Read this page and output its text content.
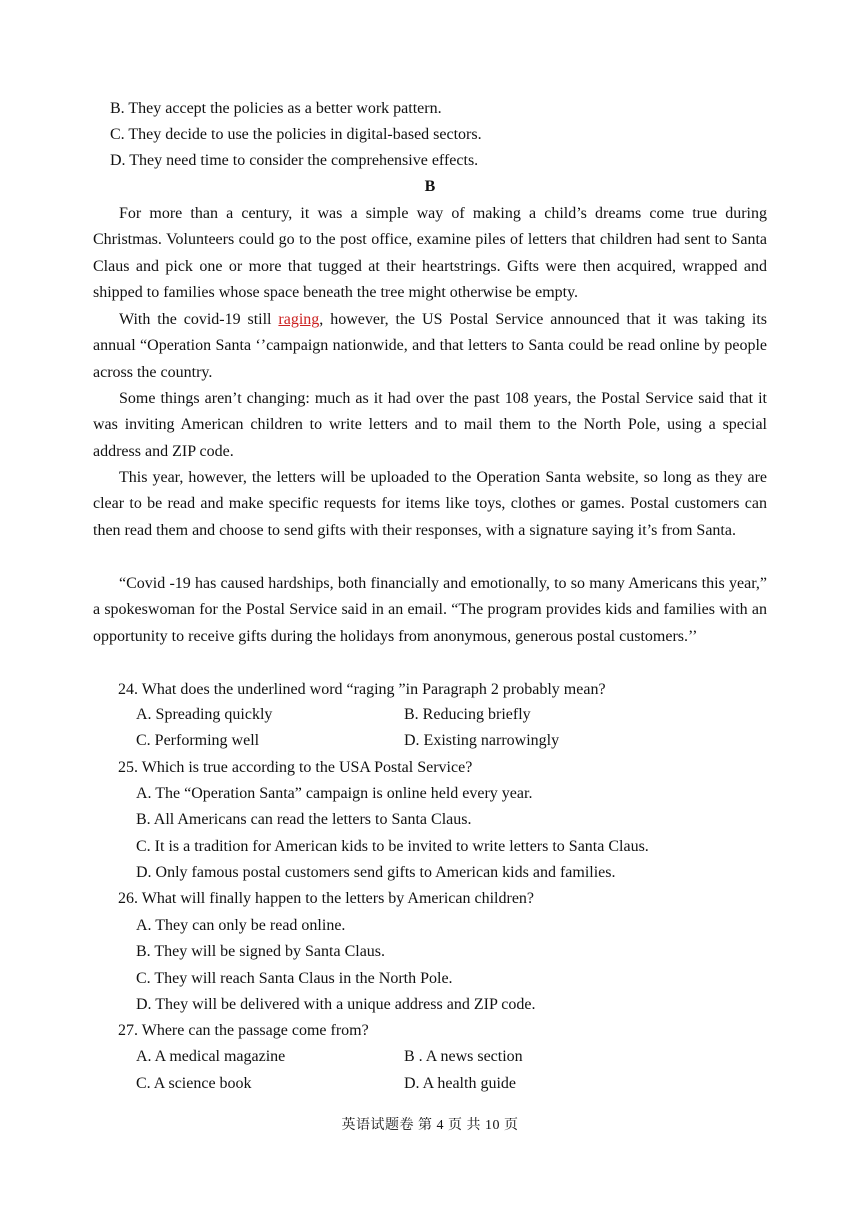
B. They accept the policies as a better work pattern.
C. They decide to use the policies in digital-based sectors.
D. They need time to consider the comprehensive effects.
B

For more than a century, it was a simple way of making a child’s dreams come true during Christmas. Volunteers could go to the post office, examine piles of letters that children had sent to Santa Claus and pick one or more that tugged at their heartstrings. Gifts were then acquired, wrapped and shipped to families whose space beneath the tree might otherwise be empty.

With the covid-19 still raging, however, the US Postal Service announced that it was taking its annual “Operation Santa ‘’campaign nationwide, and that letters to Santa could be read online by people across the country.

Some things aren’t changing: much as it had over the past 108 years, the Postal Service said that it was inviting American children to write letters and to mail them to the North Pole, using a special address and ZIP code.

This year, however, the letters will be uploaded to the Operation Santa website, so long as they are clear to be read and make specific requests for items like toys, clothes or games. Postal customers can then read them and choose to send gifts with their responses, with a signature saying it’s from Santa.

“Covid -19 has caused hardships, both financially and emotionally, to so many Americans this year,” a spokeswoman for the Postal Service said in an email. “The program provides kids and families with an opportunity to receive gifts during the holidays from anonymous, generous postal customers.’’

24. What does the underlined word “raging ”in Paragraph 2 probably mean?
A. Spreading quickly	B. Reducing briefly
C. Performing well	D. Existing narrowingly
25. Which is true according to the USA Postal Service?
A. The “Operation Santa” campaign is online held every year.
B. All Americans can read the letters to Santa Claus.
C. It is a tradition for American kids to be invited to write letters to Santa Claus.
D. Only famous postal customers send gifts to American kids and families.
26. What will finally happen to the letters by American children?
A. They can only be read online.
B. They will be signed by Santa Claus.
C. They will reach Santa Claus in the North Pole.
D. They will be delivered with a unique address and ZIP code.
27. Where can the passage come from?
A. A medical magazine	B . A news section
C. A science book	D. A health guide
英语试题卷 第 4 页 共 10 页
